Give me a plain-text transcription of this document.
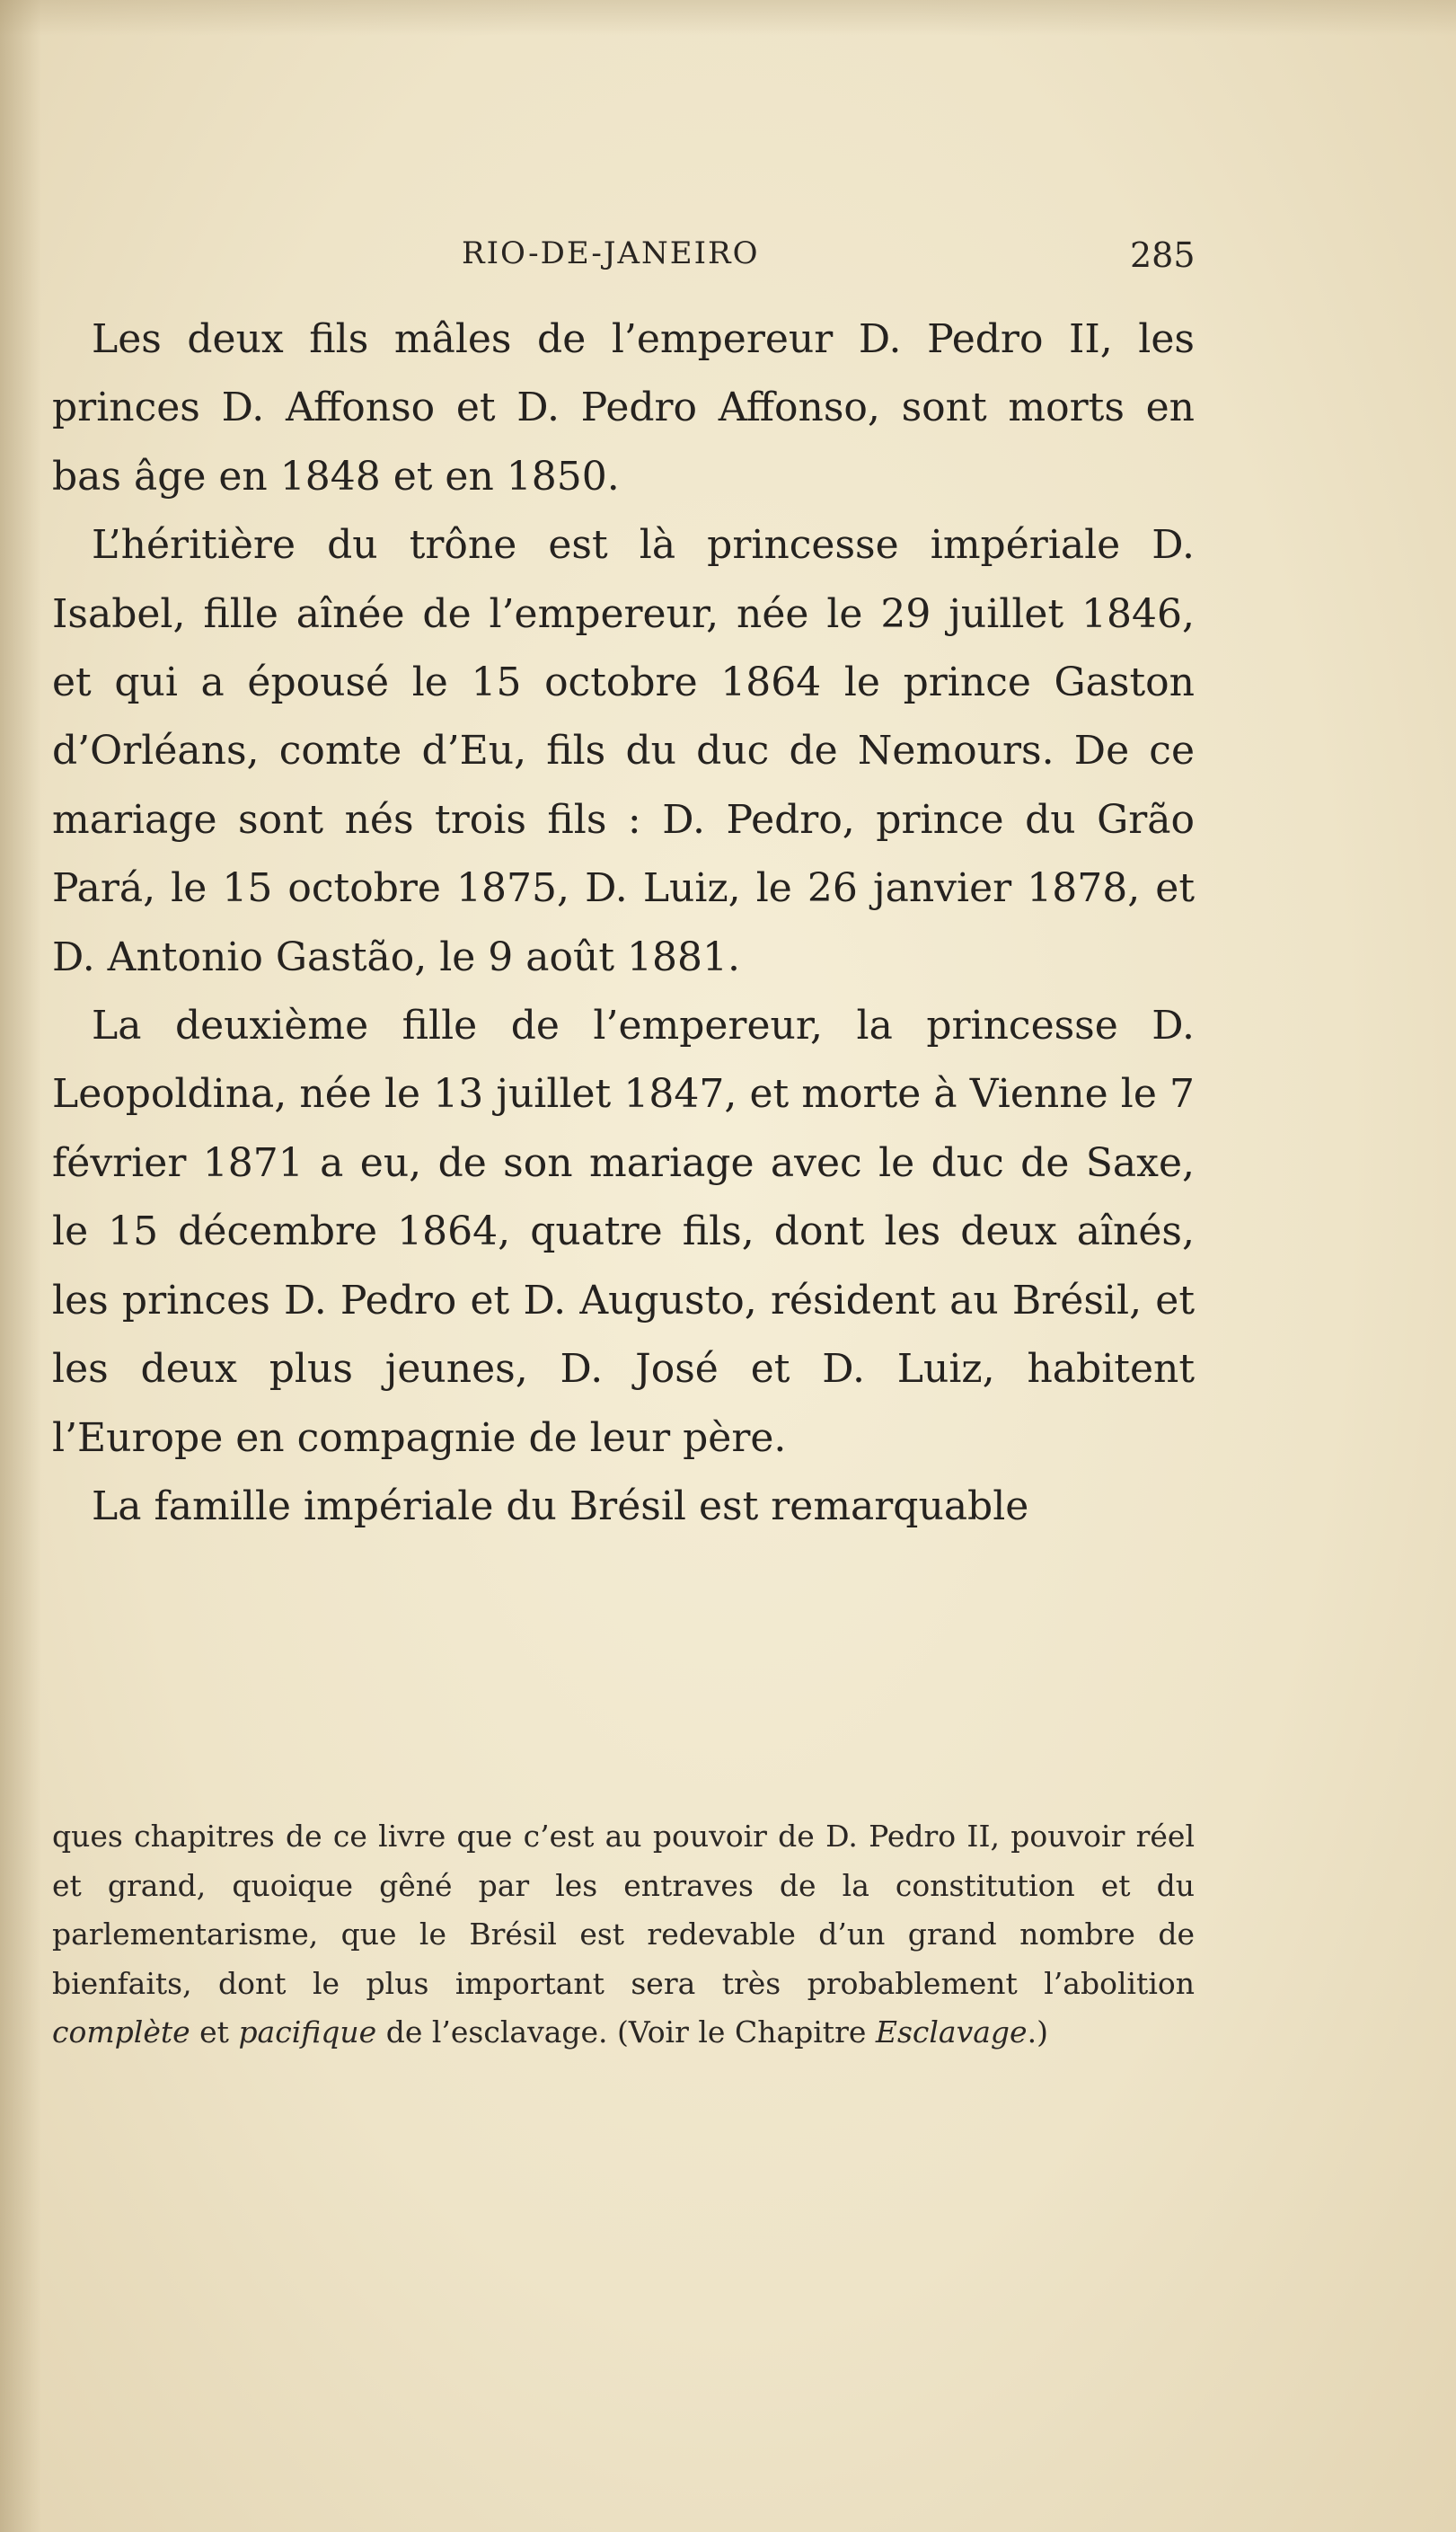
RIO-DE-JANEIRO	285

Les deux fils mâles de l’empereur D. Pedro II, les princes D. Affonso et D. Pedro Affonso, sont morts en bas âge en 1848 et en 1850.

L’héritière du trône est là princesse impériale D. Isabel, fille aînée de l’empereur, née le 29 juillet 1846, et qui a épousé le 15 octobre 1864 le prince Gaston d’Orléans, comte d’Eu, fils du duc de Nemours. De ce mariage sont nés trois fils : D. Pedro, prince du Grão Pará, le 15 octobre 1875, D. Luiz, le 26 janvier 1878, et D. Antonio Gastão, le 9 août 1881.

La deuxième fille de l’empereur, la princesse D. Leopoldina, née le 13 juillet 1847, et morte à Vienne le 7 février 1871 a eu, de son mariage avec le duc de Saxe, le 15 décembre 1864, quatre fils, dont les deux aînés, les princes D. Pedro et D. Augusto, résident au Brésil, et les deux plus jeunes, D. José et D. Luiz, habitent l’Europe en compagnie de leur père.

La famille impériale du Brésil est remarquable

ques chapitres de ce livre que c’est au pouvoir de D. Pedro II, pouvoir réel et grand, quoique gêné par les entraves de la constitution et du parlementarisme, que le Brésil est redevable d’un grand nombre de bienfaits, dont le plus important sera très probablement l’abolition complète et pacifique de l’esclavage. (Voir le Chapitre Esclavage.)
